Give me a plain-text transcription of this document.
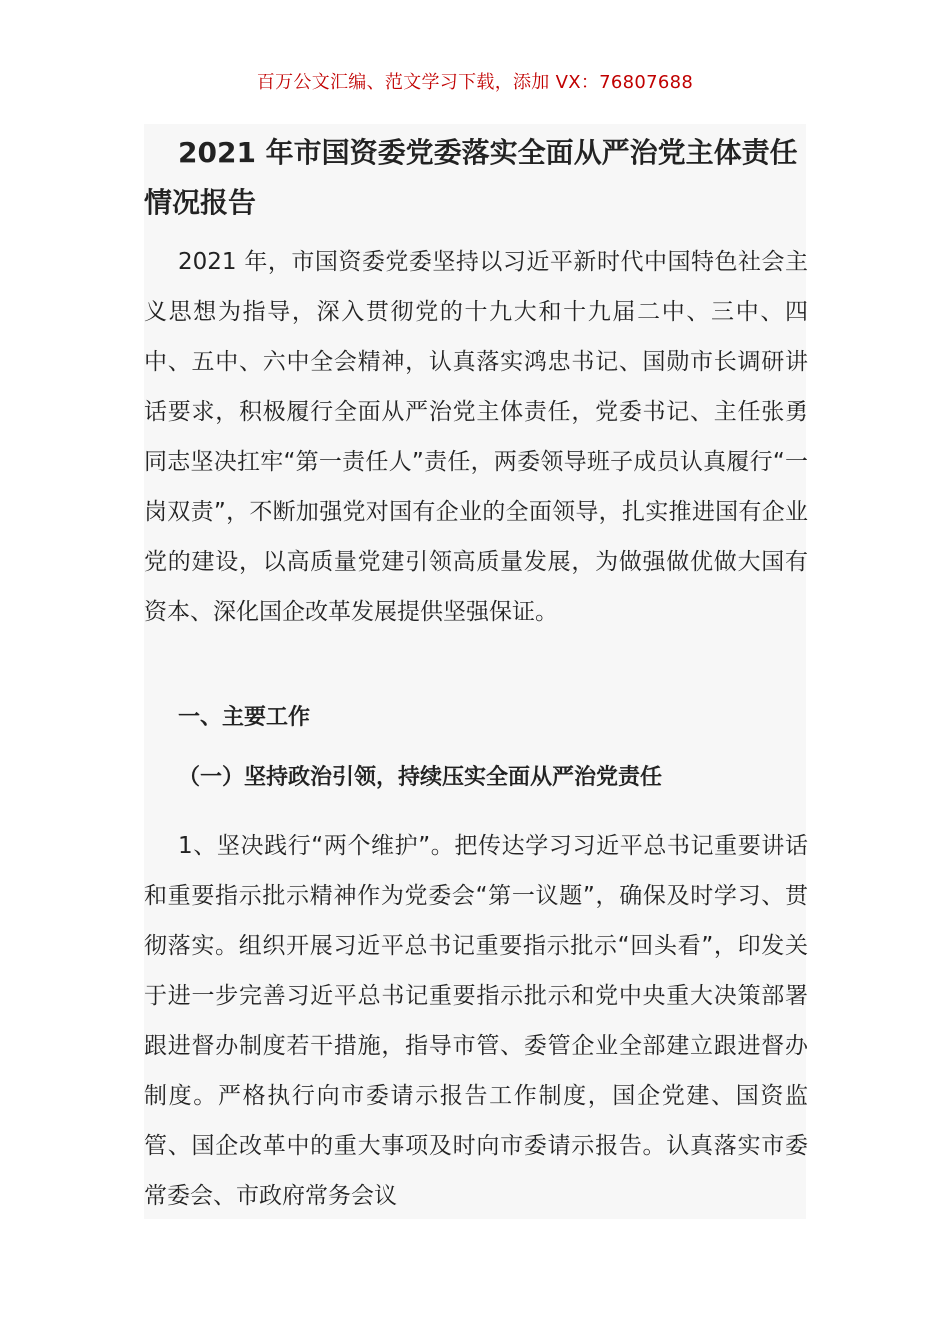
百万公文汇编、范文学习下载，添加 VX：76807688
2021 年市国资委党委落实全面从严治党主体责任情况报告

2021 年，市国资委党委坚持以习近平新时代中国特色社会主义思想为指导，深入贯彻党的十九大和十九届二中、三中、四中、五中、六中全会精神，认真落实鸿忠书记、国勋市长调研讲话要求，积极履行全面从严治党主体责任，党委书记、主任张勇同志坚决扛牢“第一责任人”责任，两委领导班子成员认真履行“一岗双责”，不断加强党对国有企业的全面领导，扎实推进国有企业党的建设，以高质量党建引领高质量发展，为做强做优做大国有资本、深化国企改革发展提供坚强保证。

一、主要工作
（一）坚持政治引领，持续压实全面从严治党责任

1、坚决践行“两个维护”。把传达学习习近平总书记重要讲话和重要指示批示精神作为党委会“第一议题”，确保及时学习、贯彻落实。组织开展习近平总书记重要指示批示“回头看”，印发关于进一步完善习近平总书记重要指示批示和党中央重大决策部署跟进督办制度若干措施，指导市管、委管企业全部建立跟进督办制度。严格执行向市委请示报告工作制度，国企党建、国资监管、国企改革中的重大事项及时向市委请示报告。认真落实市委常委会、市政府常务会议
